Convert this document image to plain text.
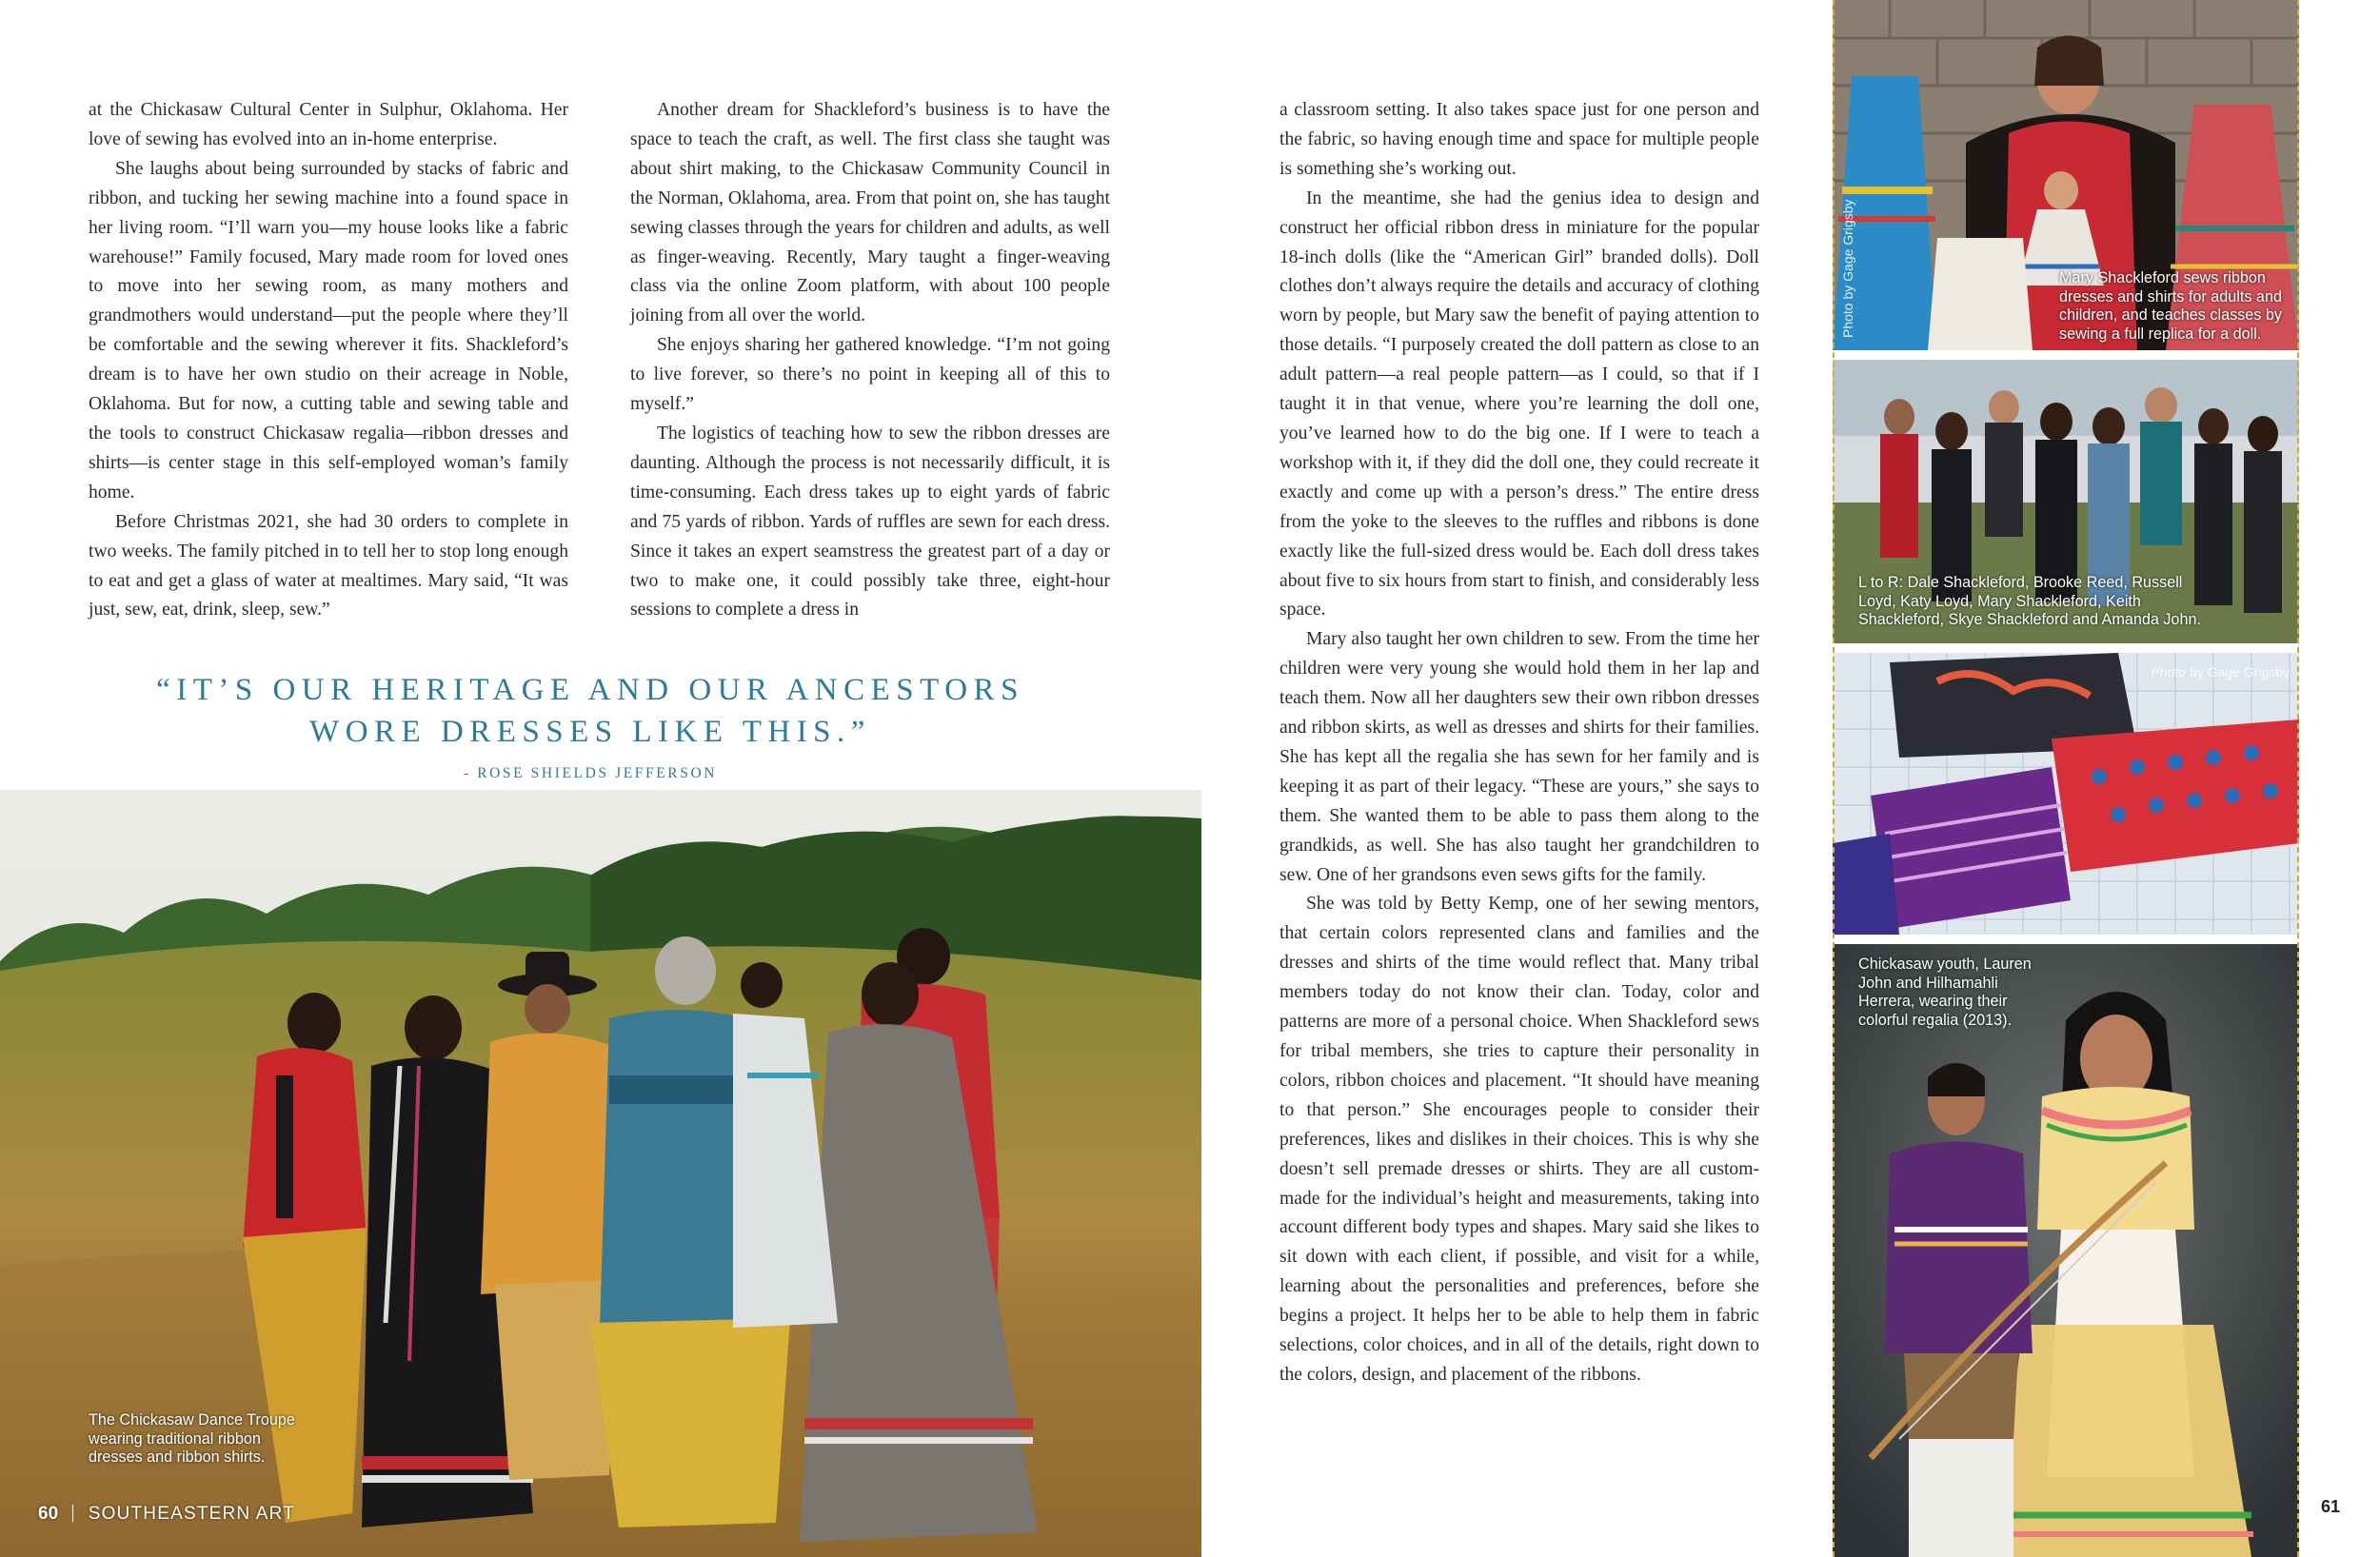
at the Chickasaw Cultural Center in Sulphur, Oklahoma. Her love of sewing has evolved into an in-home enterprise.

She laughs about being surrounded by stacks of fabric and ribbon, and tucking her sewing machine into a found space in her living room. “I’ll warn you—my house looks like a fabric warehouse!” Family focused, Mary made room for loved ones to move into her sewing room, as many mothers and grandmothers would understand—put the people where they’ll be comfortable and the sewing wherever it fits. Shackleford’s dream is to have her own studio on their acreage in Noble, Oklahoma. But for now, a cutting table and sewing table and the tools to construct Chickasaw regalia—ribbon dresses and shirts—is center stage in this self-employed woman’s family home.

Before Christmas 2021, she had 30 orders to complete in two weeks. The family pitched in to tell her to stop long enough to eat and get a glass of water at mealtimes. Mary said, “It was just, sew, eat, drink, sleep, sew.”

Another dream for Shackleford’s business is to have the space to teach the craft, as well. The first class she taught was about shirt making, to the Chickasaw Community Council in the Norman, Oklahoma, area. From that point on, she has taught sewing classes through the years for children and adults, as well as finger-weaving. Recently, Mary taught a finger-weaving class via the online Zoom platform, with about 100 people joining from all over the world.

She enjoys sharing her gathered knowledge. “I’m not going to live forever, so there’s no point in keeping all of this to myself.”

The logistics of teaching how to sew the ribbon dresses are daunting. Although the process is not necessarily difficult, it is time-consuming. Each dress takes up to eight yards of fabric and 75 yards of ribbon. Yards of ruffles are sewn for each dress. Since it takes an expert seamstress the greatest part of a day or two to make one, it could possibly take three, eight-hour sessions to complete a dress in

“IT’S OUR HERITAGE AND OUR ANCESTORS
WORE DRESSES LIKE THIS.”
- ROSE SHIELDS JEFFERSON
The Chickasaw Dance Troupe
wearing traditional ribbon
dresses and ribbon shirts.
60 SOUTHEASTERN ART

a classroom setting. It also takes space just for one person and the fabric, so having enough time and space for multiple people is something she’s working out.

In the meantime, she had the genius idea to design and construct her official ribbon dress in miniature for the popular 18-inch dolls (like the “American Girl” branded dolls). Doll clothes don’t always require the details and accuracy of clothing worn by people, but Mary saw the benefit of paying attention to those details. “I purposely created the doll pattern as close to an adult pattern—a real people pattern—as I could, so that if I taught it in that venue, where you’re learning the doll one, you’ve learned how to do the big one. If I were to teach a workshop with it, if they did the doll one, they could recreate it exactly and come up with a person’s dress.” The entire dress from the yoke to the sleeves to the ruffles and ribbons is done exactly like the full-sized dress would be. Each doll dress takes about five to six hours from start to finish, and considerably less space.

Mary also taught her own children to sew. From the time her children were very young she would hold them in her lap and teach them. Now all her daughters sew their own ribbon dresses and ribbon skirts, as well as dresses and shirts for their families. She has kept all the regalia she has sewn for her family and is keeping it as part of their legacy. “These are yours,” she says to them. She wanted them to be able to pass them along to the grandkids, as well. She has also taught her grandchildren to sew. One of her grandsons even sews gifts for the family.

She was told by Betty Kemp, one of her sewing mentors, that certain colors represented clans and families and the dresses and shirts of the time would reflect that. Many tribal members today do not know their clan. Today, color and patterns are more of a personal choice. When Shackleford sews for tribal members, she tries to capture their personality in colors, ribbon choices and placement. “It should have meaning to that person.” She encourages people to consider their preferences, likes and dislikes in their choices. This is why she doesn’t sell premade dresses or shirts. They are all custom-made for the individual’s height and measurements, taking into account different body types and shapes. Mary said she likes to sit down with each client, if possible, and visit for a while, learning about the personalities and preferences, before she begins a project. It helps her to be able to help them in fabric selections, color choices, and in all of the details, right down to the colors, design, and placement of the ribbons.

Photo by Gage Grigsby	Mary Shackleford sews ribbon
dresses and shirts for adults and
children, and teaches classes by
sewing a full replica for a doll.
L to R: Dale Shackleford, Brooke Reed, Russell
Loyd, Katy Loyd, Mary Shackleford, Keith
Shackleford, Skye Shackleford and Amanda John.
Photo by Gage Grigsby
Chickasaw youth, Lauren
John and Hilhamahli
Herrera, wearing their
colorful regalia (2013).
61
